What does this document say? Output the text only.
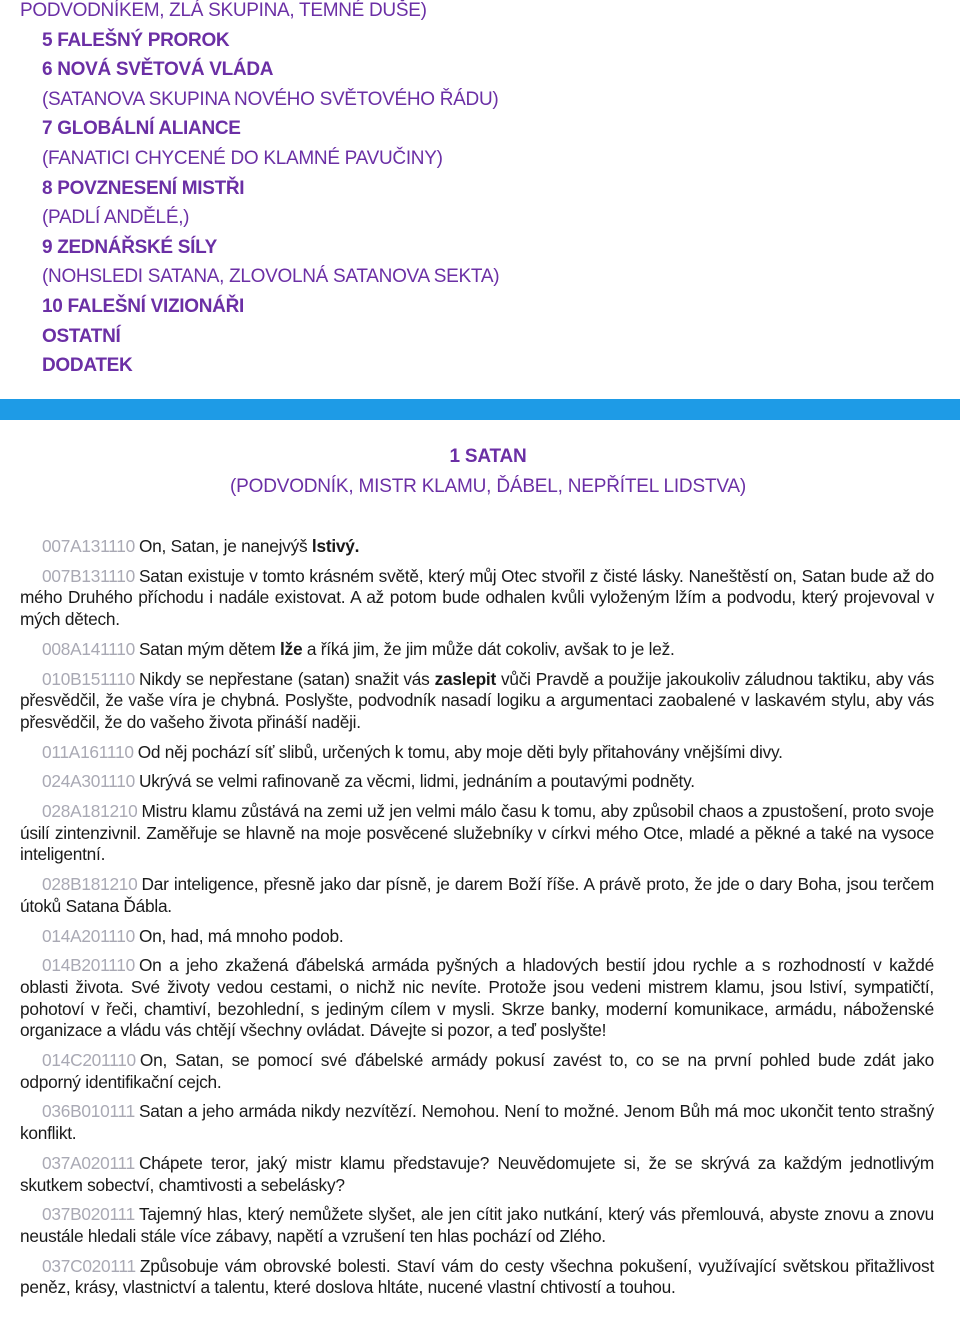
PODVODNÍKEM, ZLÁ SKUPINA, TEMNÉ DUŠE)
5 FALEŠNÝ PROROK
6 NOVÁ SVĚTOVÁ VLÁDA
(SATANOVA SKUPINA NOVÉHO SVĚTOVÉHO ŘÁDU)
7 GLOBÁLNÍ ALIANCE
(FANATICI CHYCENÉ DO KLAMNÉ PAVUČINY)
8 POVZNESENÍ MISTŘI
(PADLÍ ANDĚLÉ,)
9 ZEDNÁŘSKÉ SÍLY
(NOHSLEDI SATANA, ZLOVOLNÁ SATANOVA SEKTA)
10 FALEŠNÍ VIZIONÁŘI
OSTATNÍ
DODATEK
1 SATAN
(PODVODNÍK, MISTR KLAMU, ĎÁBEL, NEPŘÍTEL LIDSTVA)

007A131110 On, Satan, je nanejvýš lstivý.

007B131110 Satan existuje v tomto krásném světě, který můj Otec stvořil z čisté lásky. Naneštěstí on, Satan bude až do mého Druhého příchodu i nadále existovat. A až potom bude odhalen kvůli vyloženým lžím a podvodu, který projevoval v mých dětech.

008A141110 Satan mým dětem lže a říká jim, že jim může dát cokoliv, avšak to je lež.

010B151110 Nikdy se nepřestane (satan) snažit vás zaslepit vůči Pravdě a použije jakoukoliv záludnou taktiku, aby vás přesvědčil, že vaše víra je chybná. Poslyšte, podvodník nasadí logiku a argumentaci zaobalené v laskavém stylu, aby vás přesvědčil, že do vašeho života přináší naději.

011A161110 Od něj pochází síť slibů, určených k tomu, aby moje děti byly přitahovány vnějšími divy.

024A301110 Ukrývá se velmi rafinovaně za věcmi, lidmi, jednáním a poutavými podněty.

028A181210 Mistru klamu zůstává na zemi už jen velmi málo času k tomu, aby způsobil chaos a zpustošení, proto svoje úsilí zintenzivnil. Zaměřuje se hlavně na moje posvěcené služebníky v církvi mého Otce, mladé a pěkné a také na vysoce inteligentní.

028B181210 Dar inteligence, přesně jako dar písně, je darem Boží říše. A právě proto, že jde o dary Boha, jsou terčem útoků Satana Ďábla.

014A201110 On, had, má mnoho podob.

014B201110 On a jeho zkažená ďábelská armáda pyšných a hladových bestií jdou rychle a s rozhodností v každé oblasti života. Své životy vedou cestami, o nichž nic nevíte. Protože jsou vedeni mistrem klamu, jsou lstiví, sympatičtí, pohotoví v řeči, chamtiví, bezohlední, s jediným cílem v mysli. Skrze banky, moderní komunikace, armádu, náboženské organizace a vládu vás chtějí všechny ovládat. Dávejte si pozor, a teď poslyšte!

014C201110 On, Satan, se pomocí své ďábelské armády pokusí zavést to, co se na první pohled bude zdát jako odporný identifikační cejch.

036B010111 Satan a jeho armáda nikdy nezvítězí. Nemohou. Není to možné. Jenom Bůh má moc ukončit tento strašný konflikt.

037A020111 Chápete teror, jaký mistr klamu představuje? Neuvědomujete si, že se skrývá za každým jednotlivým skutkem sobectví, chamtivosti a sebelásky?

037B020111 Tajemný hlas, který nemůžete slyšet, ale jen cítit jako nutkání, který vás přemlouvá, abyste znovu a znovu neustále hledali stále více zábavy, napětí a vzrušení ten hlas pochází od Zlého.

037C020111 Způsobuje vám obrovské bolesti. Staví vám do cesty všechna pokušení, využívající světskou přitažlivost peněz, krásy, vlastnictví a talentu, které doslova hltáte, nucené vlastní chtivostí a touhou.
